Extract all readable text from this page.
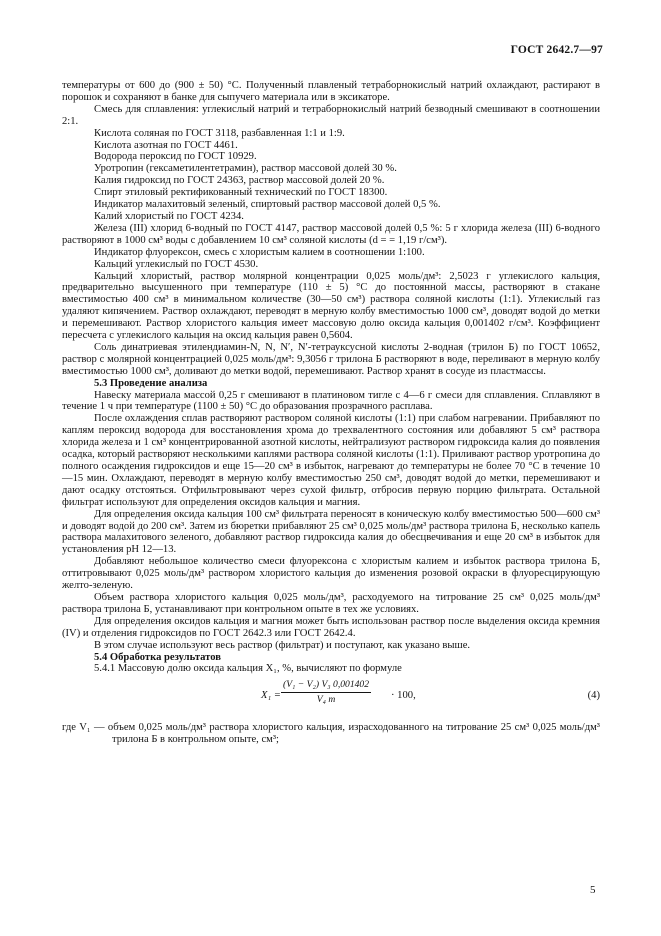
ГОСТ 2642.7—97

температуры от 600 до (900 ± 50) °С. Полученный плавленый тетраборнокислый натрий охлаждают, растирают в порошок и сохраняют в банке для сыпучего материала или в эксикаторе.

Смесь для сплавления: углекислый натрий и тетраборнокислый натрий безводный смешивают в соотношении 2:1.

Кислота соляная по ГОСТ 3118, разбавленная 1:1 и 1:9.

Кислота азотная по ГОСТ 4461.

Водорода пероксид по ГОСТ 10929.

Уротропин (гексаметилентетрамин), раствор массовой долей 30 %.

Калия гидроксид по ГОСТ 24363, раствор массовой долей 20 %.

Спирт этиловый ректификованный технический по ГОСТ 18300.

Индикатор малахитовый зеленый, спиртовый раствор массовой долей 0,5 %.

Калий хлористый по ГОСТ 4234.

Железа (III) хлорид 6-водный по ГОСТ 4147, раствор массовой долей 0,5 %: 5 г хлорида железа (III) 6-водного растворяют в 1000 см³ воды с добавлением 10 см³ соляной кислоты (d = = 1,19 г/см³).

Индикатор флуорексон, смесь с хлористым калием в соотношении 1:100.

Кальций углекислый по ГОСТ 4530.

Кальций хлористый, раствор молярной концентрации 0,025 моль/дм³: 2,5023 г углекислого кальция, предварительно высушенного при температуре (110 ± 5) °С до постоянной массы, растворяют в стакане вместимостью 400 см³ в минимальном количестве (30—50 см³) раствора соляной кислоты (1:1). Углекислый газ удаляют кипячением. Раствор охлаждают, переводят в мерную колбу вместимостью 1000 см³, доводят водой до метки и перемешивают. Раствор хлористого кальция имеет массовую долю оксида кальция 0,001402 г/см³. Коэффициент пересчета с углекислого кальция на оксид кальция равен 0,5604.

Соль динатриевая этилендиамин-N, N, N′, N′-тетрауксусной кислоты 2-водная (трилон Б) по ГОСТ 10652, раствор с молярной концентрацией 0,025 моль/дм³: 9,3056 г трилона Б растворяют в воде, переливают в мерную колбу вместимостью 1000 см³, доливают до метки водой, перемешивают. Раствор хранят в сосуде из пластмассы.

5.3 Проведение анализа

Навеску материала массой 0,25 г смешивают в платиновом тигле с 4—6 г смеси для сплавления. Сплавляют в течение 1 ч при температуре (1100 ± 50) °С до образования прозрачного расплава.

После охлаждения сплав растворяют раствором соляной кислоты (1:1) при слабом нагревании. Прибавляют по каплям пероксид водорода для восстановления хрома до трехвалентного состояния или добавляют 5 см³ раствора хлорида железа и 1 см³ концентрированной азотной кислоты, нейтрализуют раствором гидроксида калия до появления осадка, который растворяют несколькими каплями раствора соляной кислоты (1:1). Приливают раствор уротропина до полного осаждения гидроксидов и еще 15—20 см³ в избыток, нагревают до температуры не более 70 °С в течение 10—15 мин. Охлаждают, переводят в мерную колбу вместимостью 250 см³, доводят водой до метки, перемешивают и дают осадку отстояться. Отфильтровывают через сухой фильтр, отбросив первую порцию фильтрата. Остальной фильтрат используют для определения оксидов кальция и магния.

Для определения оксида кальция 100 см³ фильтрата переносят в коническую колбу вместимостью 500—600 см³ и доводят водой до 200 см³. Затем из бюретки прибавляют 25 см³ 0,025 моль/дм³ раствора трилона Б, несколько капель раствора малахитового зеленого, добавляют раствор гидроксида калия до обесцвечивания и еще 20 см³ в избыток для установления рН 12—13.

Добавляют небольшое количество смеси флуорексона с хлористым калием и избыток раствора трилона Б, оттитровывают 0,025 моль/дм³ раствором хлористого кальция до изменения розовой окраски в флуоресцирующую желто-зеленую.

Объем раствора хлористого кальция 0,025 моль/дм³, расходуемого на титрование 25 см³ 0,025 моль/дм³ раствора трилона Б, устанавливают при контрольном опыте в тех же условиях.

Для определения оксидов кальция и магния может быть использован раствор после выделения оксида кремния (IV) и отделения гидроксидов по ГОСТ 2642.3 или ГОСТ 2642.4.

В этом случае используют весь раствор (фильтрат) и поступают, как указано выше.

5.4 Обработка результатов

5.4.1 Массовую долю оксида кальция X₁, %, вычисляют по формуле

$X_1 = \frac{\text{(V₁ − V₂) V₃ 0,001402}}{\text{V₄ m}} \cdot 100$,	(4)

где V₁ — объем 0,025 моль/дм³ раствора хлористого кальция, израсходованного на титрование 25 см³ 0,025 моль/дм³ трилона Б в контрольном опыте, см³;

5
